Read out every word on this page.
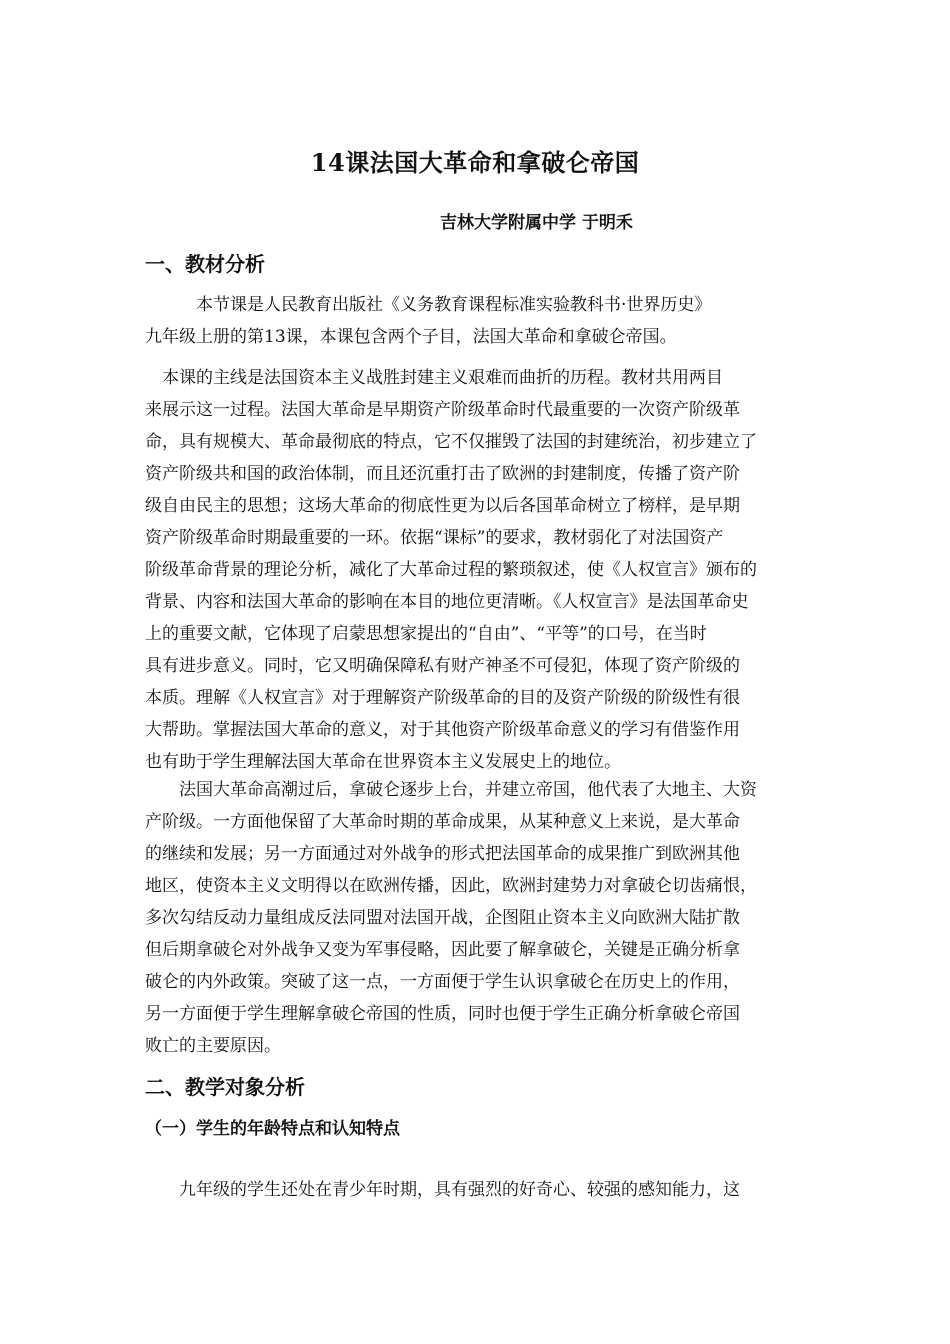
14课法国大革命和拿破仑帝国
吉林大学附属中学 于明禾
一、教材分析
　　　本节课是人民教育出版社《义务教育课程标准实验教科书·世界历史》
九年级上册的第13课，本课包含两个子目，法国大革命和拿破仑帝国。
　本课的主线是法国资本主义战胜封建主义艰难而曲折的历程。教材共用两目
来展示这一过程。法国大革命是早期资产阶级革命时代最重要的一次资产阶级革
命，具有规模大、革命最彻底的特点，它不仅摧毁了法国的封建统治，初步建立了
资产阶级共和国的政治体制，而且还沉重打击了欧洲的封建制度，传播了资产阶
级自由民主的思想；这场大革命的彻底性更为以后各国革命树立了榜样，是早期
资产阶级革命时期最重要的一环。依据“课标”的要求，教材弱化了对法国资产
阶级革命背景的理论分析，减化了大革命过程的繁琐叙述，使《人权宣言》颁布的
背景、内容和法国大革命的影响在本目的地位更清晰。《人权宣言》是法国革命史
上的重要文献，它体现了启蒙思想家提出的“自由”、“平等”的口号，在当时
具有进步意义。同时，它又明确保障私有财产神圣不可侵犯，体现了资产阶级的
本质。理解《人权宣言》对于理解资产阶级革命的目的及资产阶级的阶级性有很
大帮助。掌握法国大革命的意义，对于其他资产阶级革命意义的学习有借鉴作用
也有助于学生理解法国大革命在世界资本主义发展史上的地位。
　　法国大革命高潮过后，拿破仑逐步上台，并建立帝国，他代表了大地主、大资
产阶级。一方面他保留了大革命时期的革命成果，从某种意义上来说，是大革命
的继续和发展；另一方面通过对外战争的形式把法国革命的成果推广到欧洲其他
地区，使资本主义文明得以在欧洲传播，因此，欧洲封建势力对拿破仑切齿痛恨，
多次勾结反动力量组成反法同盟对法国开战，企图阻止资本主义向欧洲大陆扩散
但后期拿破仑对外战争又变为军事侵略，因此要了解拿破仑，关键是正确分析拿
破仑的内外政策。突破了这一点，一方面便于学生认识拿破仑在历史上的作用，
另一方面便于学生理解拿破仑帝国的性质，同时也便于学生正确分析拿破仑帝国
败亡的主要原因。
二、教学对象分析
（一）学生的年龄特点和认知特点
　　九年级的学生还处在青少年时期，具有强烈的好奇心、较强的感知能力，这
